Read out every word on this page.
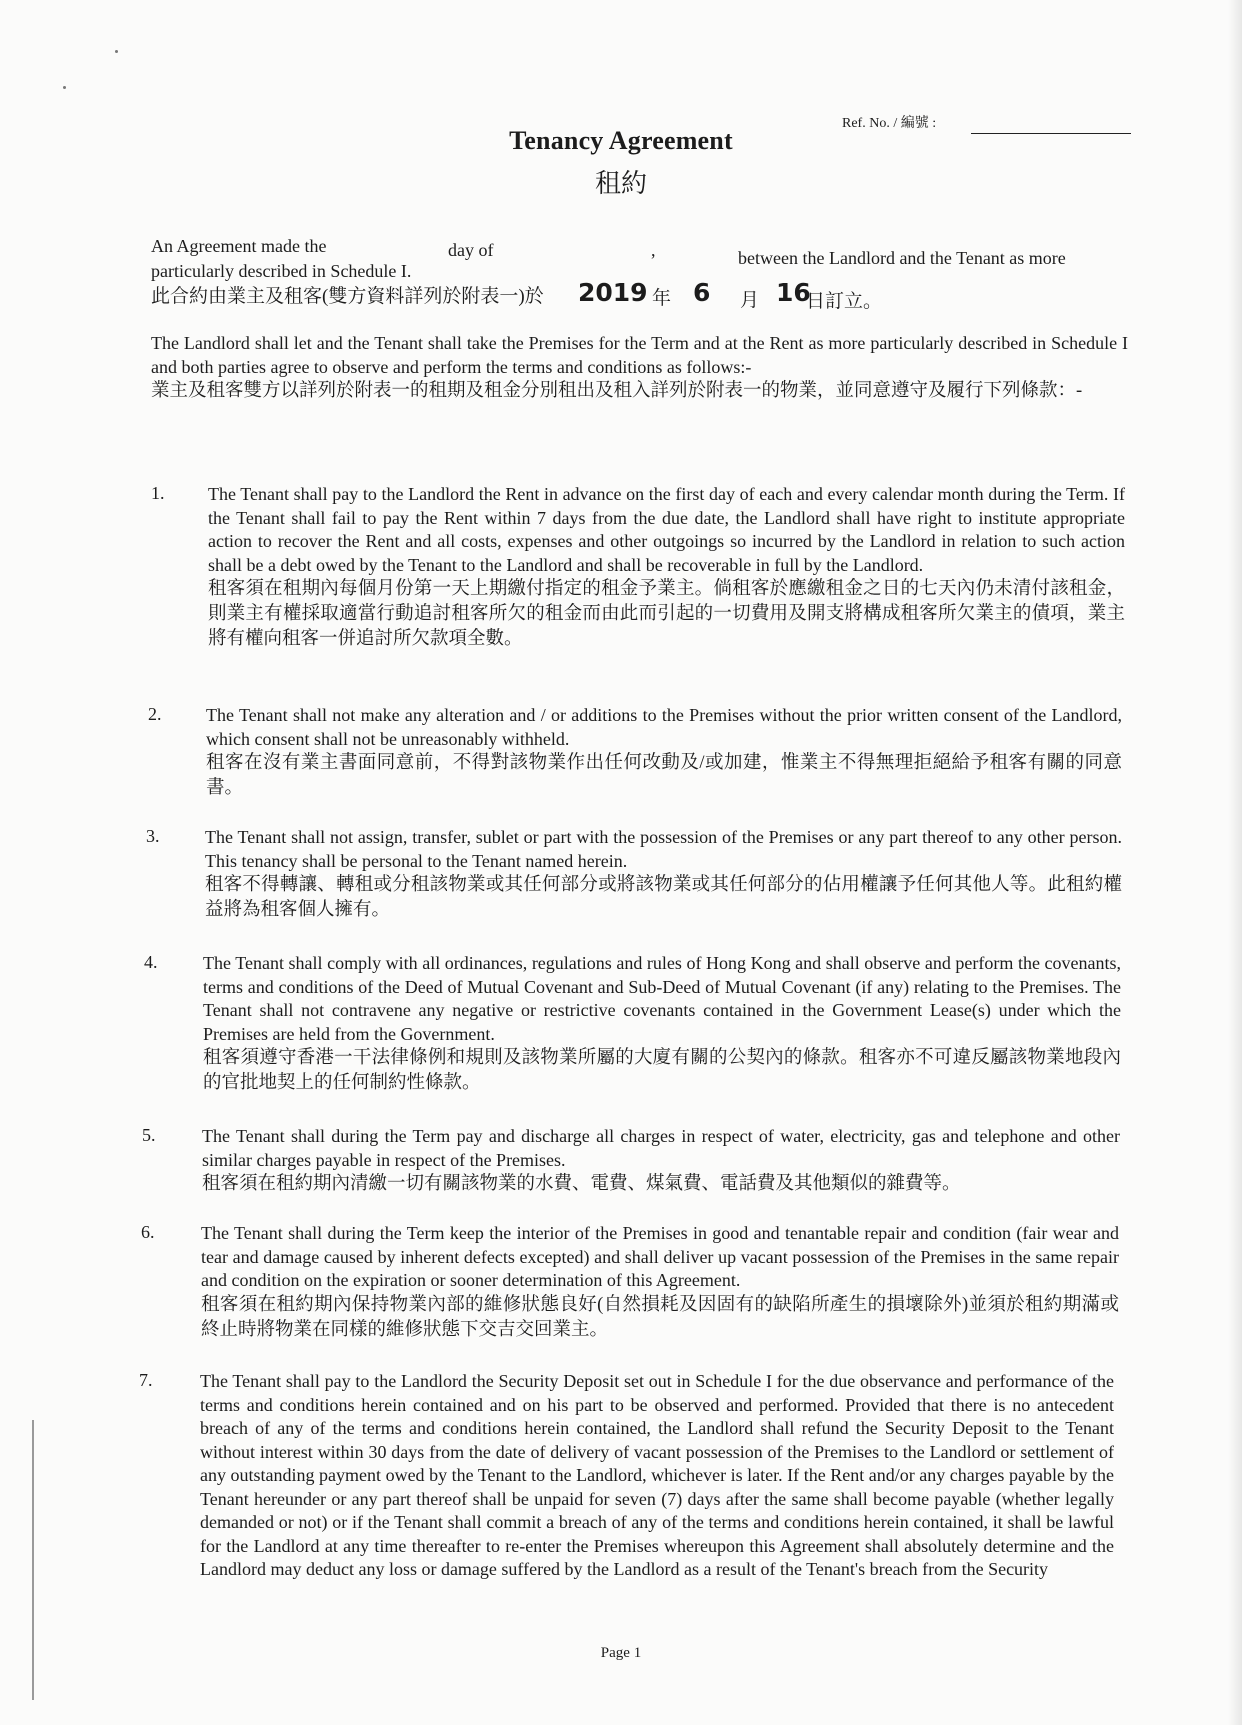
Ref. No. / 編號 :
Tenancy Agreement
租約
An Agreement made the	day of	,	between the Landlord and the Tenant as more
particularly described in Schedule I.
此合約由業主及租客(雙方資料詳列於附表一)於 2019 年 6 月 16
日訂立。
The Landlord shall let and the Tenant shall take the Premises for the Term and at the Rent as more particularly described in Schedule I and both parties agree to observe and perform the terms and conditions as follows:-
業主及租客雙方以詳列於附表一的租期及租金分別租出及租入詳列於附表一的物業，並同意遵守及履行下列條款：-
1. The Tenant shall pay to the Landlord the Rent in advance on the first day of each and every calendar month during the Term. If the Tenant shall fail to pay the Rent within 7 days from the due date, the Landlord shall have right to institute appropriate action to recover the Rent and all costs, expenses and other outgoings so incurred by the Landlord in relation to such action shall be a debt owed by the Tenant to the Landlord and shall be recoverable in full by the Landlord.
租客須在租期內每個月份第一天上期繳付指定的租金予業主。倘租客於應繳租金之日的七天內仍未清付該租金，則業主有權採取適當行動追討租客所欠的租金而由此而引起的一切費用及開支將構成租客所欠業主的債項，業主將有權向租客一併追討所欠款項全數。
2. The Tenant shall not make any alteration and / or additions to the Premises without the prior written consent of the Landlord, which consent shall not be unreasonably withheld.
租客在沒有業主書面同意前，不得對該物業作出任何改動及/或加建，惟業主不得無理拒絕給予租客有關的同意書。
3.	The Tenant shall not assign, transfer, sublet or part with the possession of the Premises or any part thereof to any other person. This tenancy shall be personal to the Tenant named herein.
租客不得轉讓、轉租或分租該物業或其任何部分或將該物業或其任何部分的佔用權讓予任何其他人等。此租約權益將為租客個人擁有。
4.	The Tenant shall comply with all ordinances, regulations and rules of Hong Kong and shall observe and perform the covenants, terms and conditions of the Deed of Mutual Covenant and Sub-Deed of Mutual Covenant (if any) relating to the Premises. The Tenant shall not contravene any negative or restrictive covenants contained in the Government Lease(s) under which the Premises are held from the Government.
租客須遵守香港一干法律條例和規則及該物業所屬的大廈有關的公契內的條款。租客亦不可違反屬該物業地段內的官批地契上的任何制約性條款。
5.	The Tenant shall during the Term pay and discharge all charges in respect of water, electricity, gas and telephone and other similar charges payable in respect of the Premises.
租客須在租約期內清繳一切有關該物業的水費、電費、煤氣費、電話費及其他類似的雜費等。
6.	The Tenant shall during the Term keep the interior of the Premises in good and tenantable repair and condition (fair wear and tear and damage caused by inherent defects excepted) and shall deliver up vacant possession of the Premises in the same repair and condition on the expiration or sooner determination of this Agreement.
租客須在租約期內保持物業內部的維修狀態良好(自然損耗及因固有的缺陷所產生的損壞除外)並須於租約期滿或終止時將物業在同樣的維修狀態下交吉交回業主。
7.	The Tenant shall pay to the Landlord the Security Deposit set out in Schedule I for the due observance and performance of the terms and conditions herein contained and on his part to be observed and performed. Provided that there is no antecedent breach of any of the terms and conditions herein contained, the Landlord shall refund the Security Deposit to the Tenant without interest within 30 days from the date of delivery of vacant possession of the Premises to the Landlord or settlement of any outstanding payment owed by the Tenant to the Landlord, whichever is later. If the Rent and/or any charges payable by the Tenant hereunder or any part thereof shall be unpaid for seven (7) days after the same shall become payable (whether legally demanded or not) or if the Tenant shall commit a breach of any of the terms and conditions herein contained, it shall be lawful for the Landlord at any time thereafter to re-enter the Premises whereupon this Agreement shall absolutely determine and the Landlord may deduct any loss or damage suffered by the Landlord as a result of the Tenant's breach from the Security
Page 1
